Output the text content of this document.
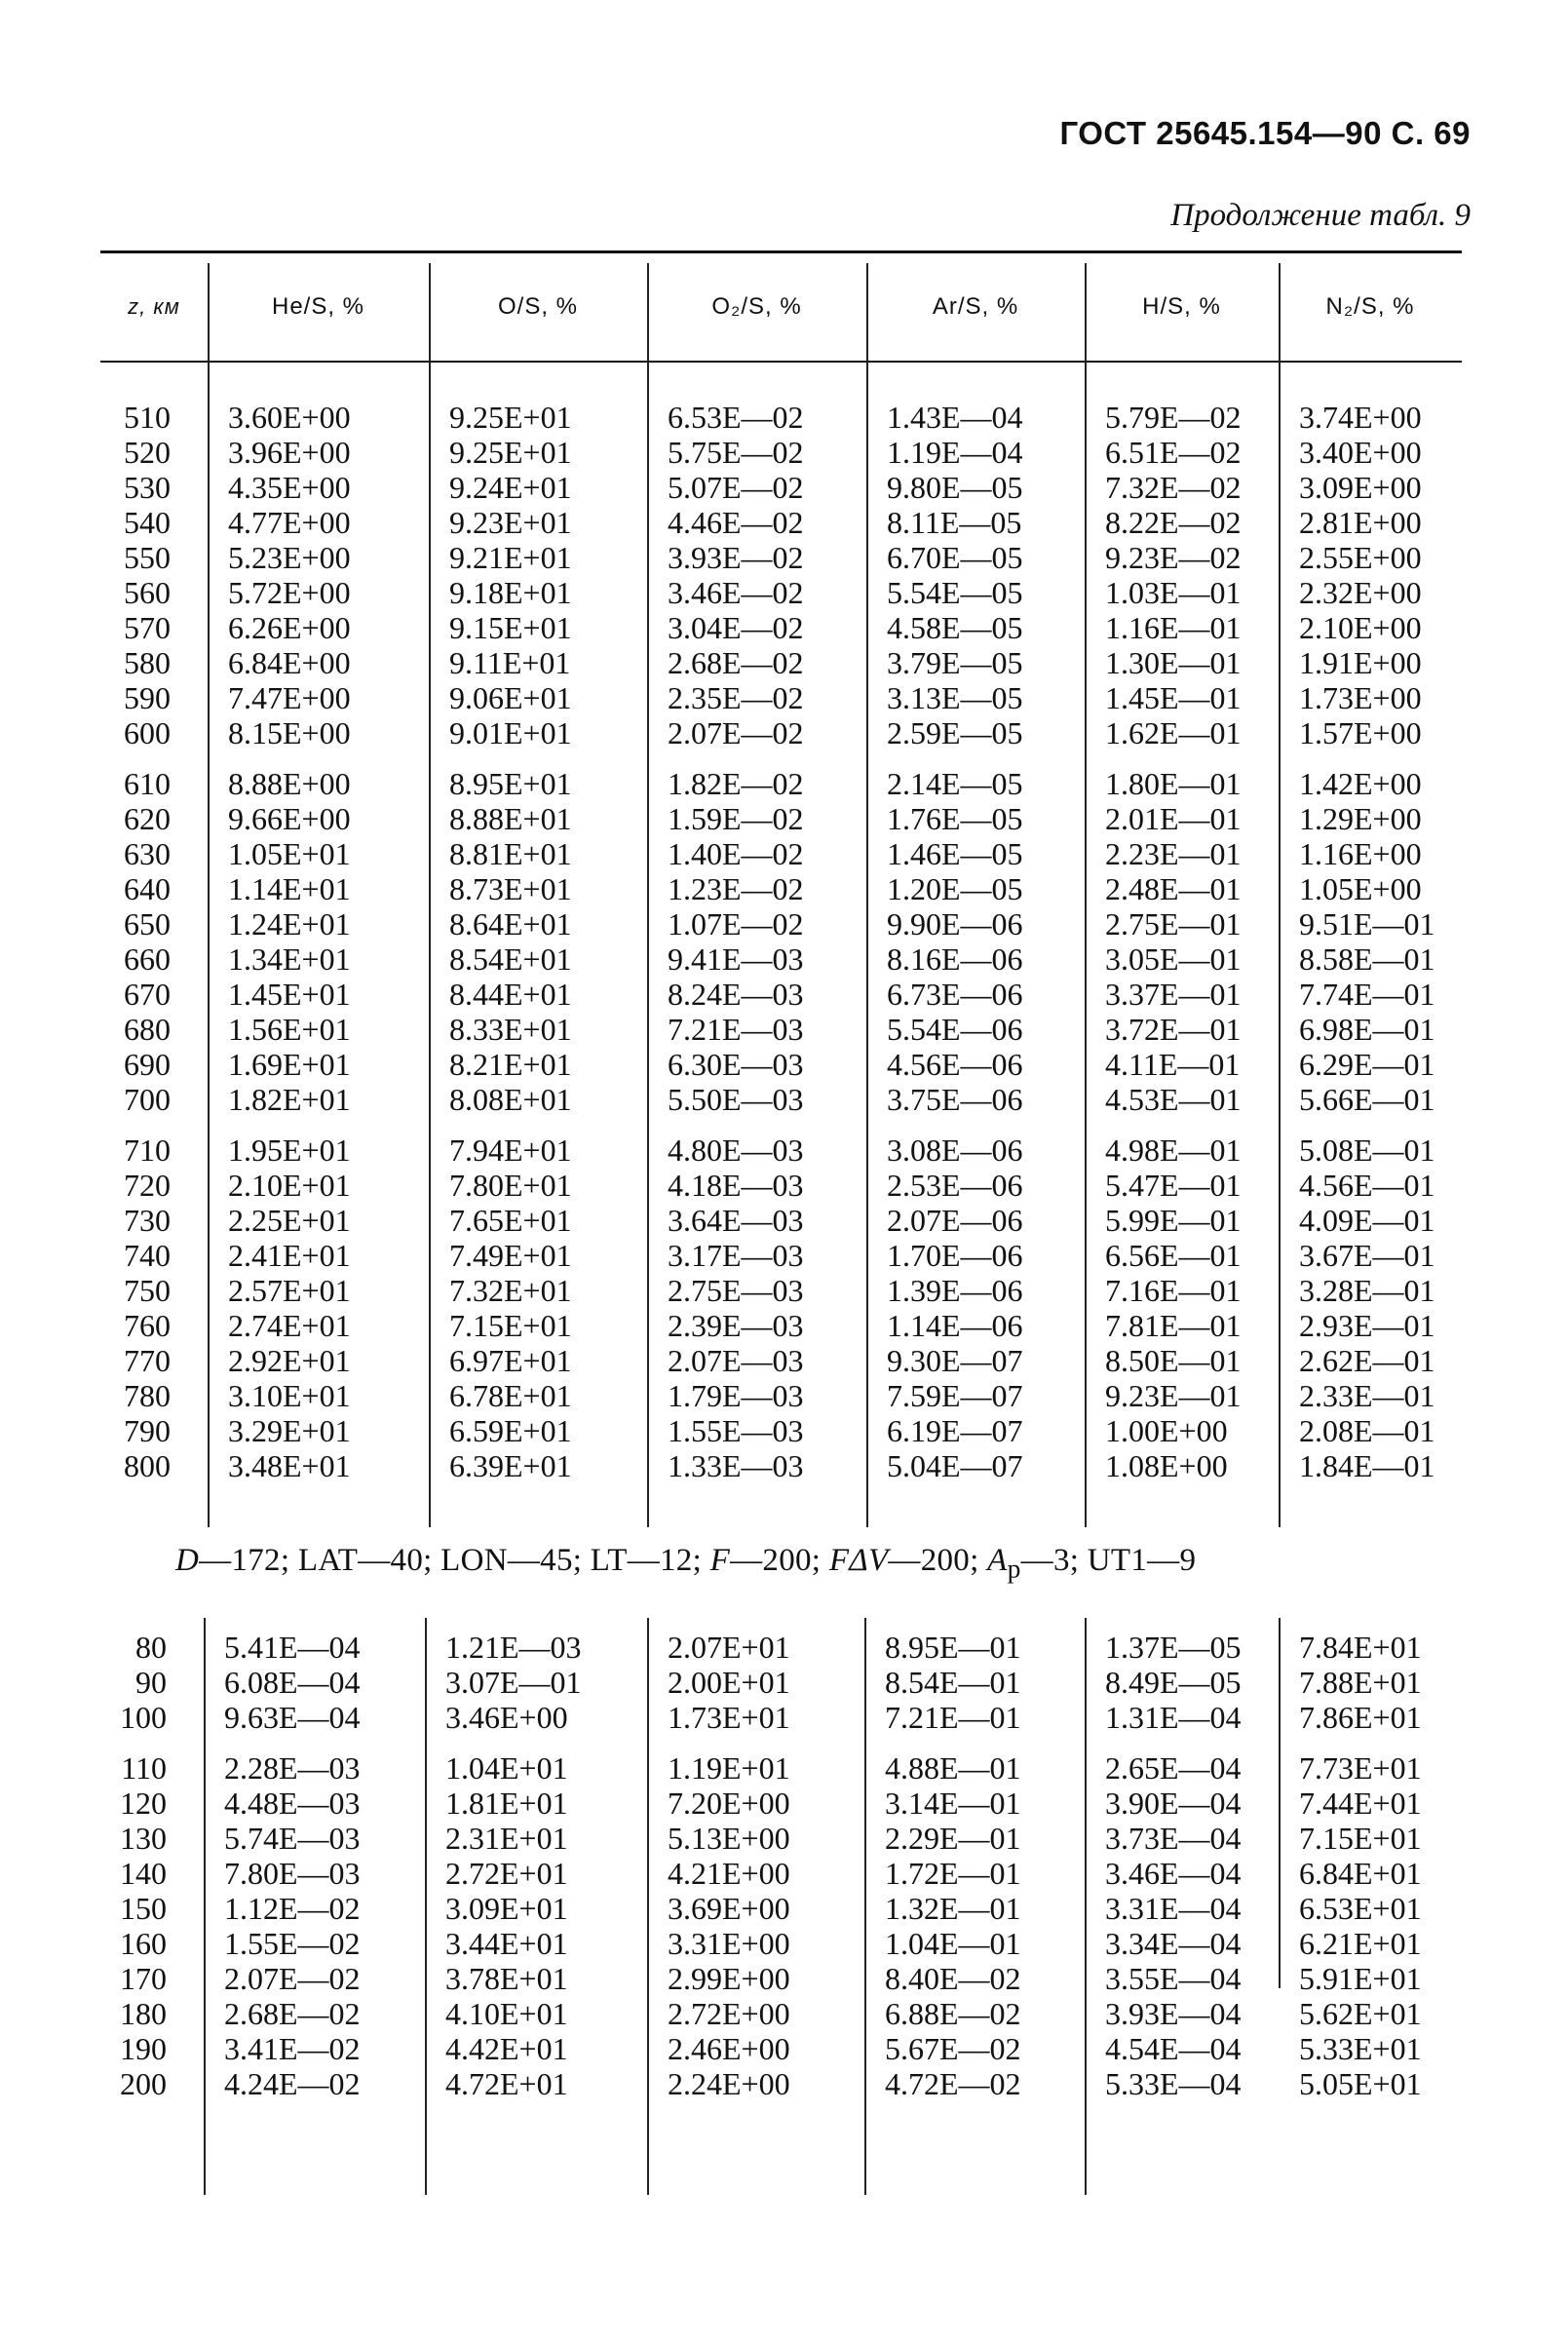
ГОСТ 25645.154—90 С. 69
Продолжение табл. 9
z, км	He/S, %	O/S, %	O₂/S, %	Ar/S, %	H/S, %	N₂/S, %

510	3.60E+00	9.25E+01	6.53E—02	1.43E—04	5.79E—02	3.74E+00
520	3.96E+00	9.25E+01	5.75E—02	1.19E—04	6.51E—02	3.40E+00
530	4.35E+00	9.24E+01	5.07E—02	9.80E—05	7.32E—02	3.09E+00
540	4.77E+00	9.23E+01	4.46E—02	8.11E—05	8.22E—02	2.81E+00
550	5.23E+00	9.21E+01	3.93E—02	6.70E—05	9.23E—02	2.55E+00
560	5.72E+00	9.18E+01	3.46E—02	5.54E—05	1.03E—01	2.32E+00
570	6.26E+00	9.15E+01	3.04E—02	4.58E—05	1.16E—01	2.10E+00
580	6.84E+00	9.11E+01	2.68E—02	3.79E—05	1.30E—01	1.91E+00
590	7.47E+00	9.06E+01	2.35E—02	3.13E—05	1.45E—01	1.73E+00
600	8.15E+00	9.01E+01	2.07E—02	2.59E—05	1.62E—01	1.57E+00

610	8.88E+00	8.95E+01	1.82E—02	2.14E—05	1.80E—01	1.42E+00
620	9.66E+00	8.88E+01	1.59E—02	1.76E—05	2.01E—01	1.29E+00
630	1.05E+01	8.81E+01	1.40E—02	1.46E—05	2.23E—01	1.16E+00
640	1.14E+01	8.73E+01	1.23E—02	1.20E—05	2.48E—01	1.05E+00
650	1.24E+01	8.64E+01	1.07E—02	9.90E—06	2.75E—01	9.51E—01
660	1.34E+01	8.54E+01	9.41E—03	8.16E—06	3.05E—01	8.58E—01
670	1.45E+01	8.44E+01	8.24E—03	6.73E—06	3.37E—01	7.74E—01
680	1.56E+01	8.33E+01	7.21E—03	5.54E—06	3.72E—01	6.98E—01
690	1.69E+01	8.21E+01	6.30E—03	4.56E—06	4.11E—01	6.29E—01
700	1.82E+01	8.08E+01	5.50E—03	3.75E—06	4.53E—01	5.66E—01

710	1.95E+01	7.94E+01	4.80E—03	3.08E—06	4.98E—01	5.08E—01
720	2.10E+01	7.80E+01	4.18E—03	2.53E—06	5.47E—01	4.56E—01
730	2.25E+01	7.65E+01	3.64E—03	2.07E—06	5.99E—01	4.09E—01
740	2.41E+01	7.49E+01	3.17E—03	1.70E—06	6.56E—01	3.67E—01
750	2.57E+01	7.32E+01	2.75E—03	1.39E—06	7.16E—01	3.28E—01
760	2.74E+01	7.15E+01	2.39E—03	1.14E—06	7.81E—01	2.93E—01
770	2.92E+01	6.97E+01	2.07E—03	9.30E—07	8.50E—01	2.62E—01
780	3.10E+01	6.78E+01	1.79E—03	7.59E—07	9.23E—01	2.33E—01
790	3.29E+01	6.59E+01	1.55E—03	6.19E—07	1.00E+00	2.08E—01
800	3.48E+01	6.39E+01	1.33E—03	5.04E—07	1.08E+00	1.84E—01
D—172; LAT—40; LON—45; LT—12; F—200; FΔV—200; $A_p—3$; UT1—9
80	5.41E—04	1.21E—03	2.07E+01	8.95E—01	1.37E—05	7.84E+01
90	6.08E—04	3.07E—01	2.00E+01	8.54E—01	8.49E—05	7.88E+01
100	9.63E—04	3.46E+00	1.73E+01	7.21E—01	1.31E—04	7.86E+01

110	2.28E—03	1.04E+01	1.19E+01	4.88E—01	2.65E—04	7.73E+01
120	4.48E—03	1.81E+01	7.20E+00	3.14E—01	3.90E—04	7.44E+01
130	5.74E—03	2.31E+01	5.13E+00	2.29E—01	3.73E—04	7.15E+01
140	7.80E—03	2.72E+01	4.21E+00	1.72E—01	3.46E—04	6.84E+01
150	1.12E—02	3.09E+01	3.69E+00	1.32E—01	3.31E—04	6.53E+01
160	1.55E—02	3.44E+01	3.31E+00	1.04E—01	3.34E—04	6.21E+01
170	2.07E—02	3.78E+01	2.99E+00	8.40E—02	3.55E—04	5.91E+01
180	2.68E—02	4.10E+01	2.72E+00	6.88E—02	3.93E—04	5.62E+01
190	3.41E—02	4.42E+01	2.46E+00	5.67E—02	4.54E—04	5.33E+01
200	4.24E—02	4.72E+01	2.24E+00	4.72E—02	5.33E—04	5.05E+01
